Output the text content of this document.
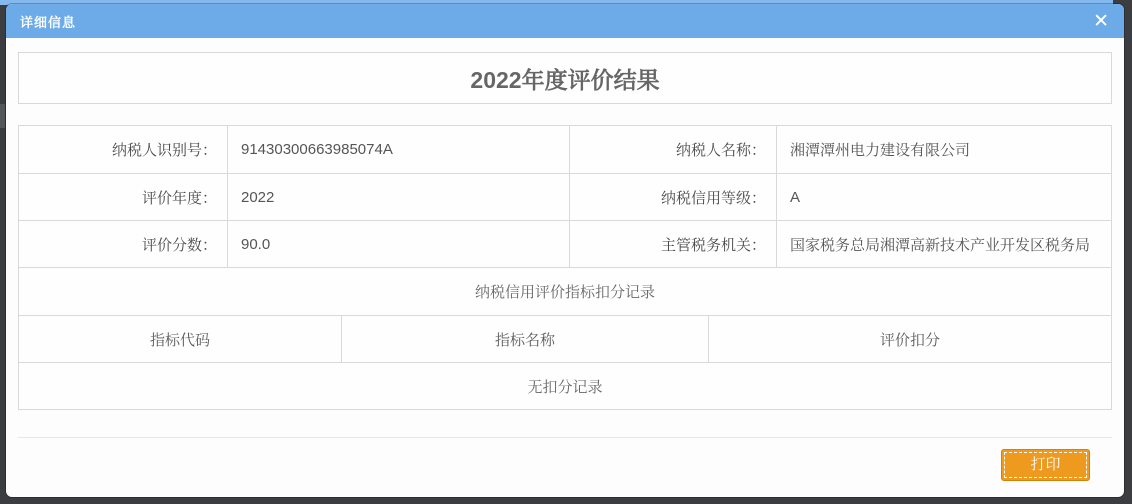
详细信息	✕
2022年度评价结果
纳税人识别号：	91430300663985074A	纳税人名称：	湘潭潭州电力建设有限公司
评价年度：	2022	纳税信用等级：	A
评价分数：	90.0	主管税务机关：	国家税务总局湘潭高新技术产业开发区税务局
纳税信用评价指标扣分记录
指标代码	指标名称	评价扣分
无扣分记录
打印
